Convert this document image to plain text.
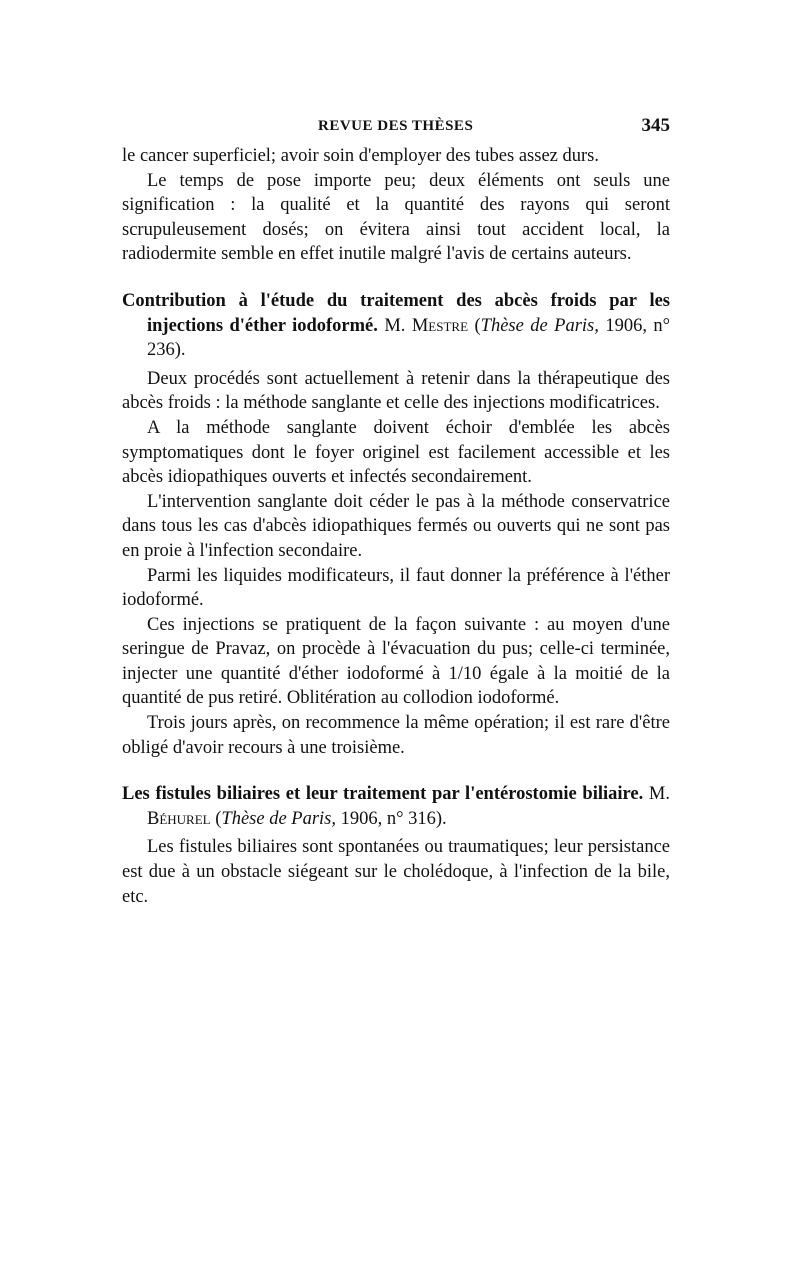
REVUE DES THÈSES	345

le cancer superficiel; avoir soin d'employer des tubes assez durs.

Le temps de pose importe peu; deux éléments ont seuls une signification : la qualité et la quantité des rayons qui seront scrupuleusement dosés; on évitera ainsi tout accident local, la radiodermite semble en effet inutile malgré l'avis de certains auteurs.

Contribution à l'étude du traitement des abcès froids par les injections d'éther iodoformé. M. Mestre (Thèse de Paris, 1906, n° 236).

Deux procédés sont actuellement à retenir dans la thérapeutique des abcès froids : la méthode sanglante et celle des injections modificatrices.

A la méthode sanglante doivent échoir d'emblée les abcès symptomatiques dont le foyer originel est facilement accessible et les abcès idiopathiques ouverts et infectés secondairement.

L'intervention sanglante doit céder le pas à la méthode conservatrice dans tous les cas d'abcès idiopathiques fermés ou ouverts qui ne sont pas en proie à l'infection secondaire.

Parmi les liquides modificateurs, il faut donner la préférence à l'éther iodoformé.

Ces injections se pratiquent de la façon suivante : au moyen d'une seringue de Pravaz, on procède à l'évacuation du pus; celle-ci terminée, injecter une quantité d'éther iodoformé à 1/10 égale à la moitié de la quantité de pus retiré. Oblitération au collodion iodoformé.

Trois jours après, on recommence la même opération; il est rare d'être obligé d'avoir recours à une troisième.

Les fistules biliaires et leur traitement par l'entérostomie biliaire. M. Béhurel (Thèse de Paris, 1906, n° 316).

Les fistules biliaires sont spontanées ou traumatiques; leur persistance est due à un obstacle siégeant sur le cholédoque, à l'infection de la bile, etc.
